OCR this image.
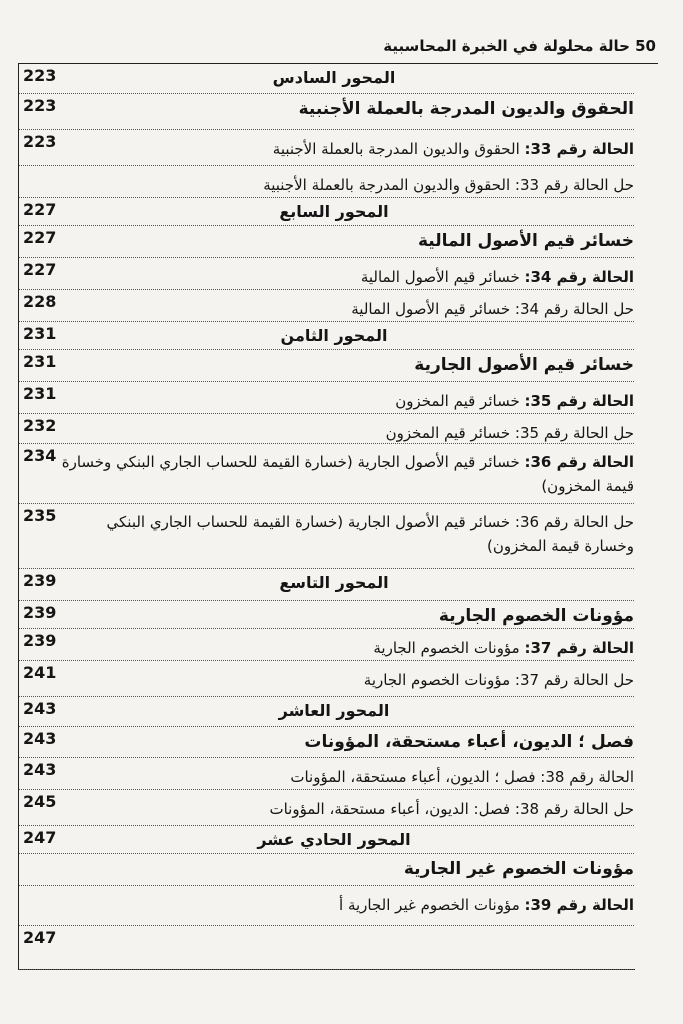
50 حالة محلولة في الخبرة المحاسبية
223	المحور السادس
223	الحقوق والديون المدرجة بالعملة الأجنبية
223	الحالة رقم 33: الحقوق والديون المدرجة بالعملة الأجنبية
حل الحالة رقم 33: الحقوق والديون المدرجة بالعملة الأجنبية
227	المحور السابع
227	خسائر قيم الأصول المالية
227	الحالة رقم 34: خسائر قيم الأصول المالية
228	حل الحالة رقم 34: خسائر قيم الأصول المالية
231	المحور الثامن
231	خسائر قيم الأصول الجارية
231	الحالة رقم 35: خسائر قيم المخزون
232	حل الحالة رقم 35: خسائر قيم المخزون
234	الحالة رقم 36: خسائر قيم الأصول الجارية (خسارة القيمة للحساب الجاري البنكي وخسارة قيمة المخزون)
235	حل الحالة رقم 36: خسائر قيم الأصول الجارية (خسارة القيمة للحساب الجاري البنكي وخسارة قيمة المخزون)
239	المحور التاسع
239	مؤونات الخصوم الجارية
239	الحالة رقم 37: مؤونات الخصوم الجارية
241	حل الحالة رقم 37: مؤونات الخصوم الجارية
243	المحور العاشر
243	فصل ؛ الديون، أعباء مستحقة، المؤونات
243	الحالة رقم 38: فصل ؛ الديون، أعباء مستحقة، المؤونات
245	حل الحالة رقم 38: فصل: الديون، أعباء مستحقة، المؤونات
247	المحور الحادي عشر
مؤونات الخصوم غير الجارية
الحالة رقم 39: مؤونات الخصوم غير الجارية أ
247
